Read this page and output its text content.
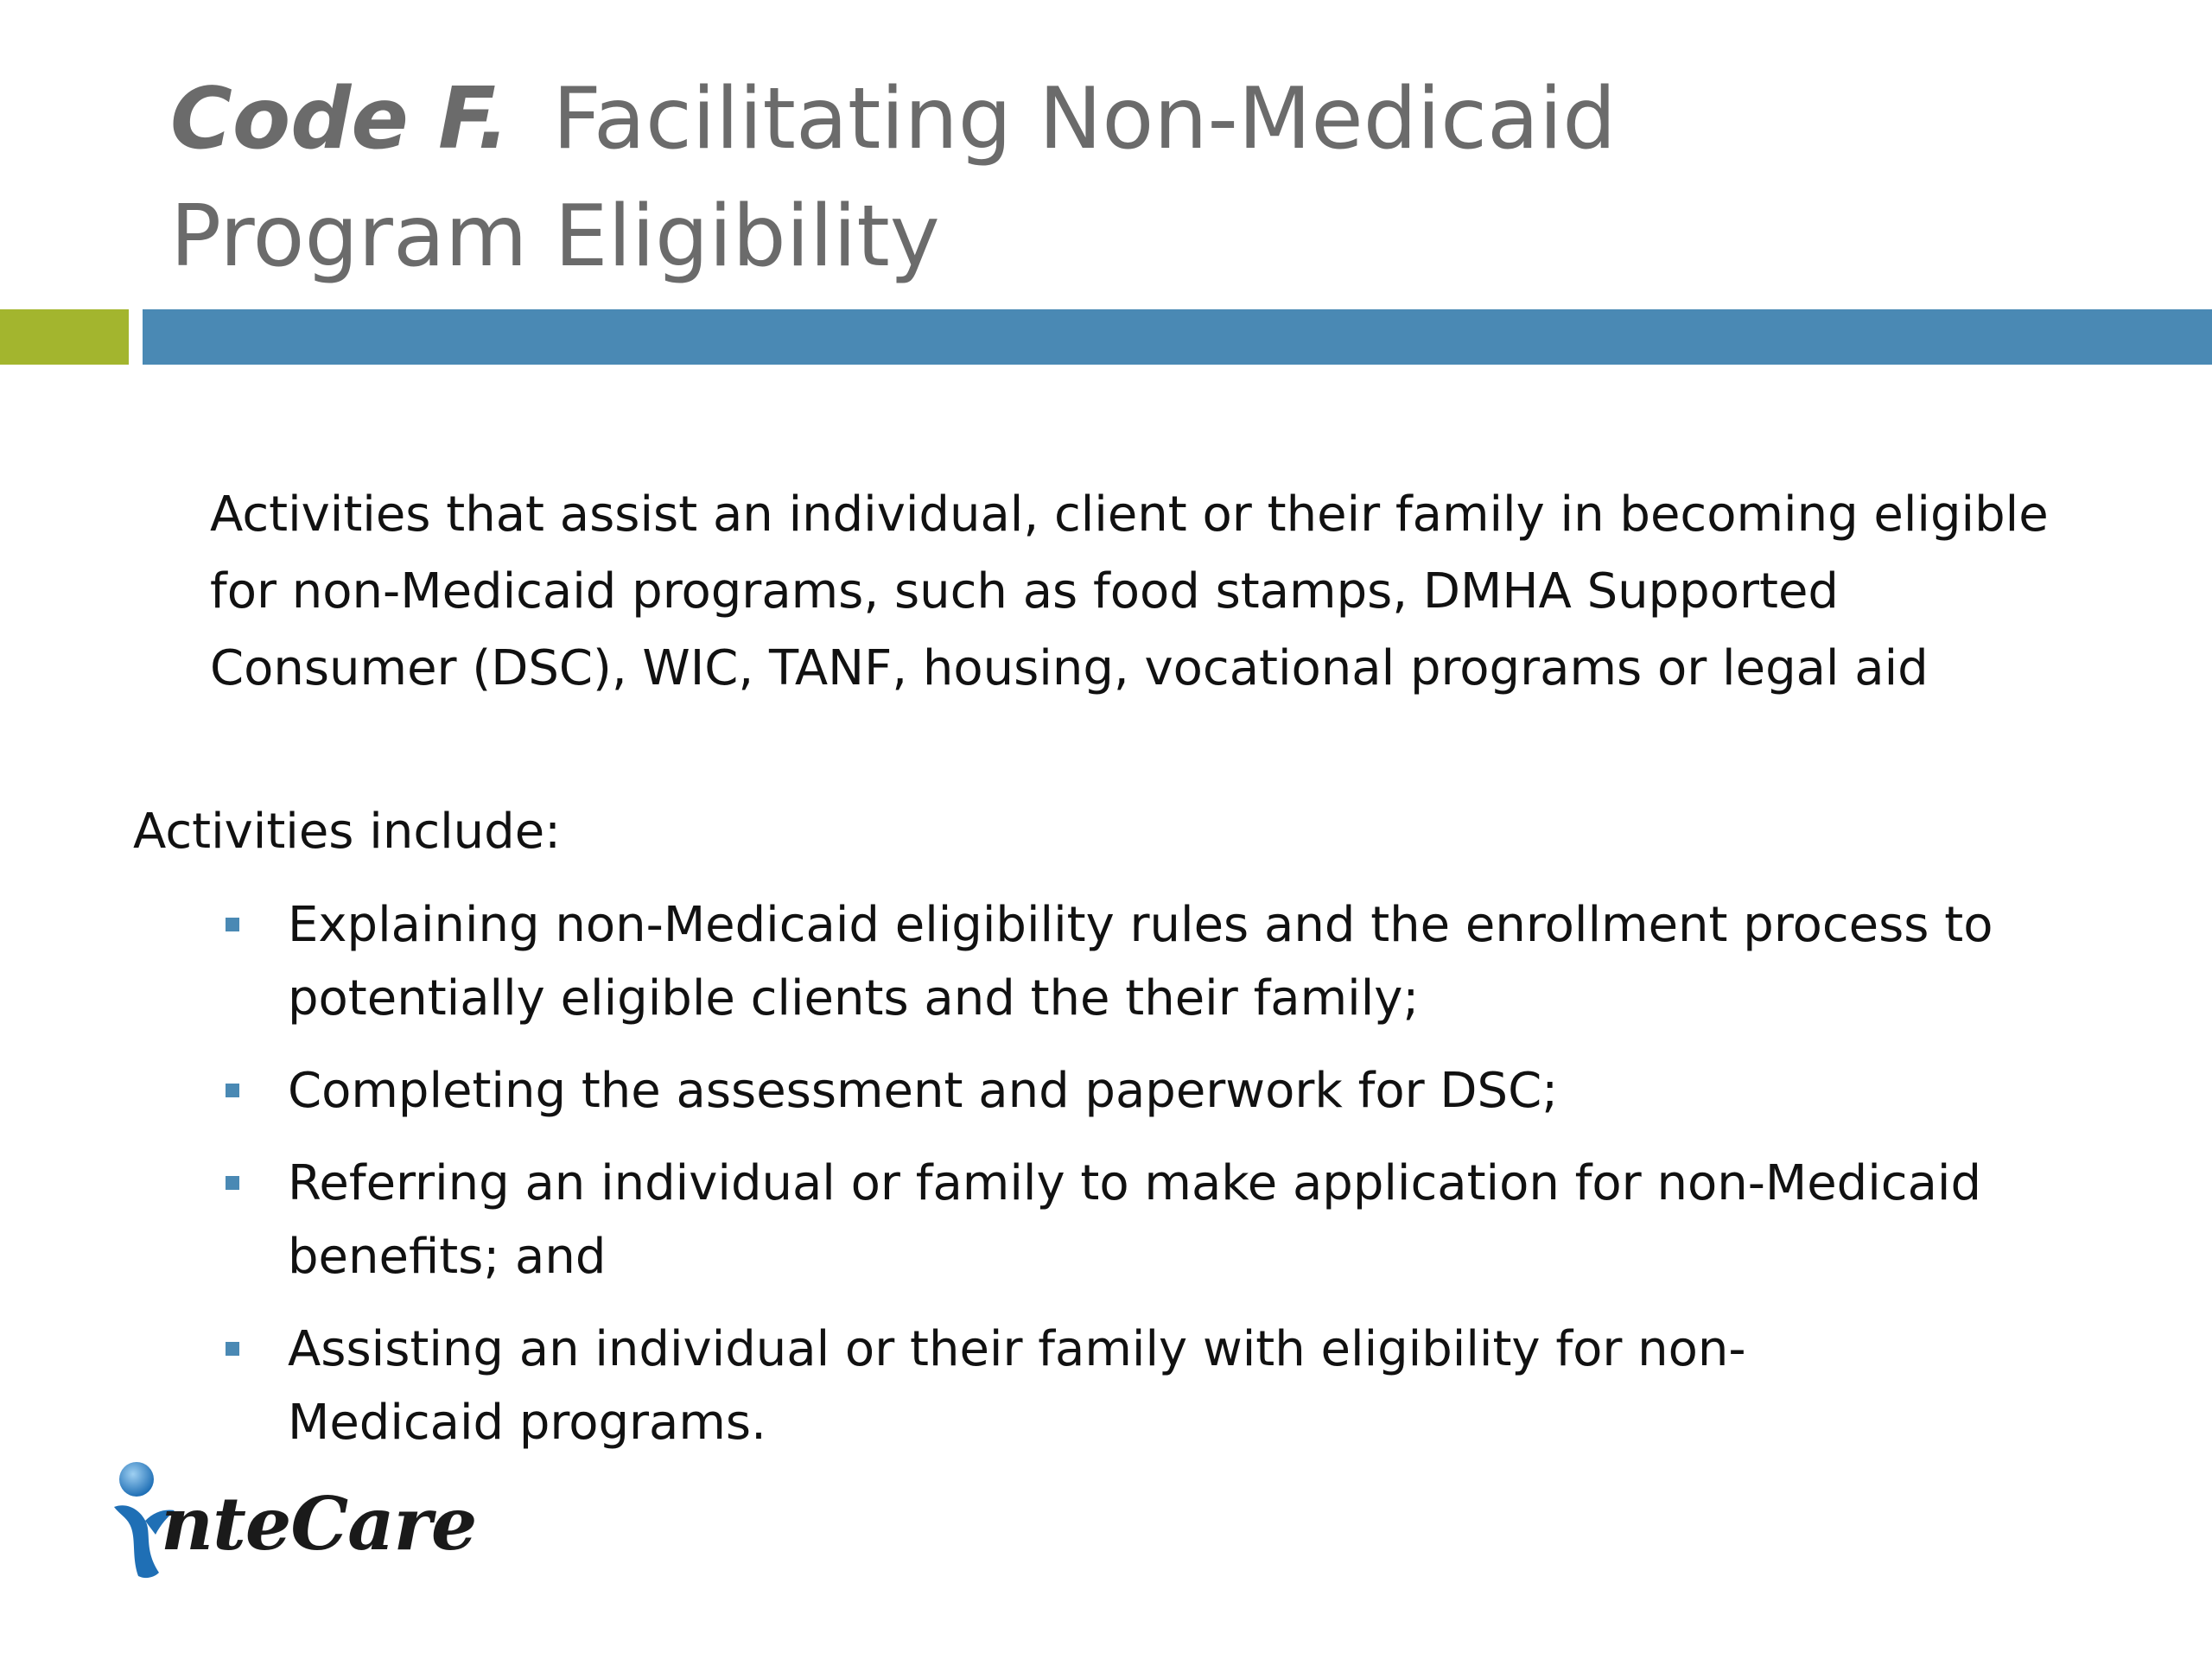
Code F. Facilitating Non-Medicaid
Program Eligibility

Activities that assist an individual, client or their family in becoming eligible for non-Medicaid programs, such as food stamps, DMHA Supported Consumer (DSC), WIC, TANF, housing, vocational programs or legal aid

Activities include:

Explaining non-Medicaid eligibility rules and the enrollment process to potentially eligible clients and the their family;
Completing the assessment and paperwork for DSC;
Referring an individual or family to make application for non-Medicaid benefits; and
Assisting an individual or their family with eligibility for non-Medicaid programs.
nteCare
